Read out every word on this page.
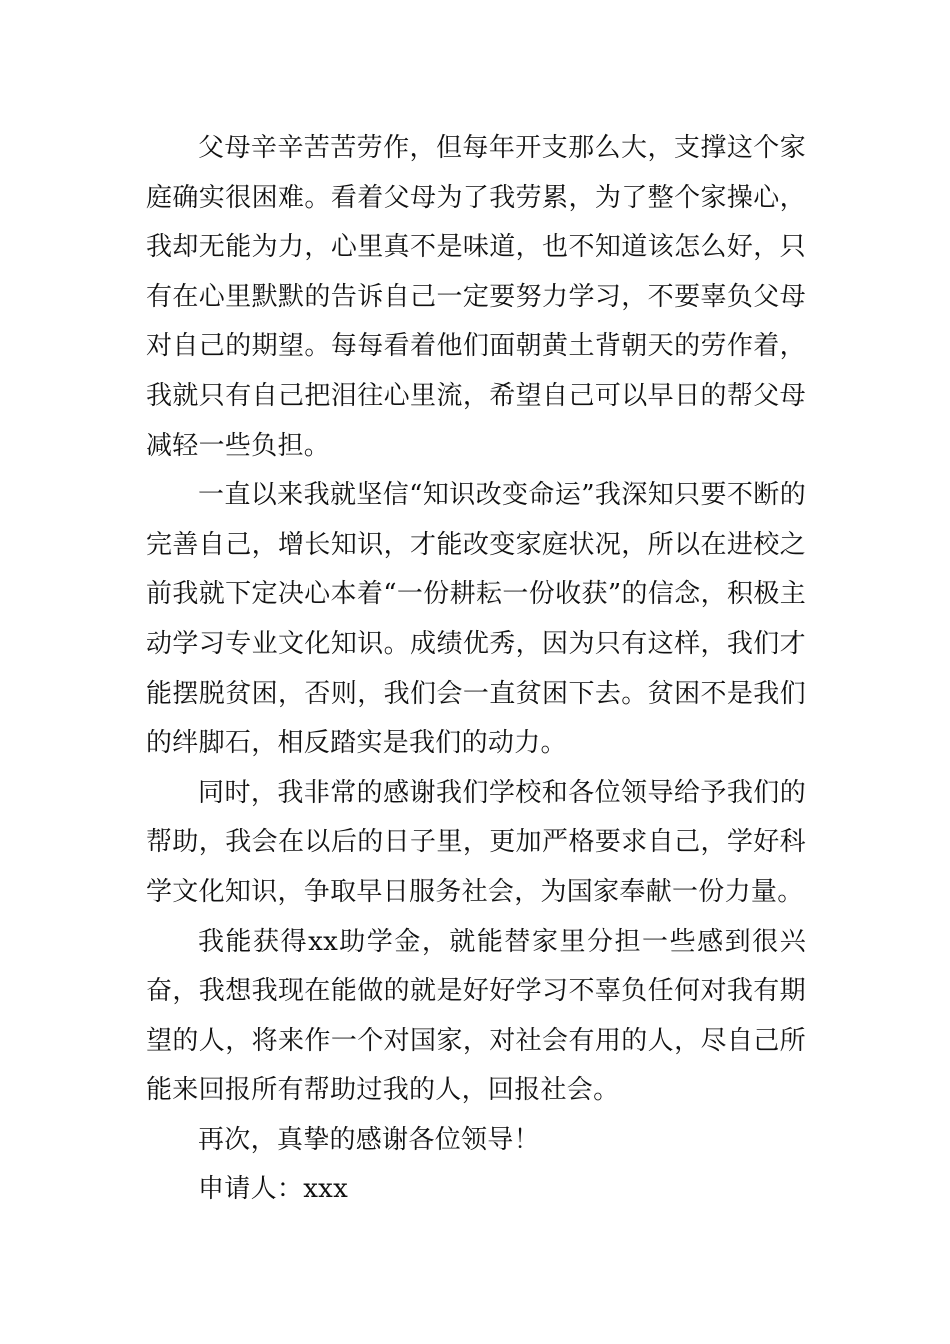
父母辛辛苦苦劳作，但每年开支那么大，支撑这个家庭确实很困难。看着父母为了我劳累，为了整个家操心，我却无能为力，心里真不是味道，也不知道该怎么好，只有在心里默默的告诉自己一定要努力学习，不要辜负父母对自己的期望。每每看着他们面朝黄土背朝天的劳作着，我就只有自己把泪往心里流，希望自己可以早日的帮父母减轻一些负担。

一直以来我就坚信“知识改变命运”我深知只要不断的完善自己，增长知识，才能改变家庭状况，所以在进校之前我就下定决心本着“一份耕耘一份收获”的信念，积极主动学习专业文化知识。成绩优秀，因为只有这样，我们才能摆脱贫困，否则，我们会一直贫困下去。贫困不是我们的绊脚石，相反踏实是我们的动力。

同时，我非常的感谢我们学校和各位领导给予我们的帮助，我会在以后的日子里，更加严格要求自己，学好科学文化知识，争取早日服务社会，为国家奉献一份力量。

我能获得xx助学金，就能替家里分担一些感到很兴奋，我想我现在能做的就是好好学习不辜负任何对我有期望的人，将来作一个对国家，对社会有用的人，尽自己所能来回报所有帮助过我的人，回报社会。

再次，真挚的感谢各位领导！

申请人：xxx
